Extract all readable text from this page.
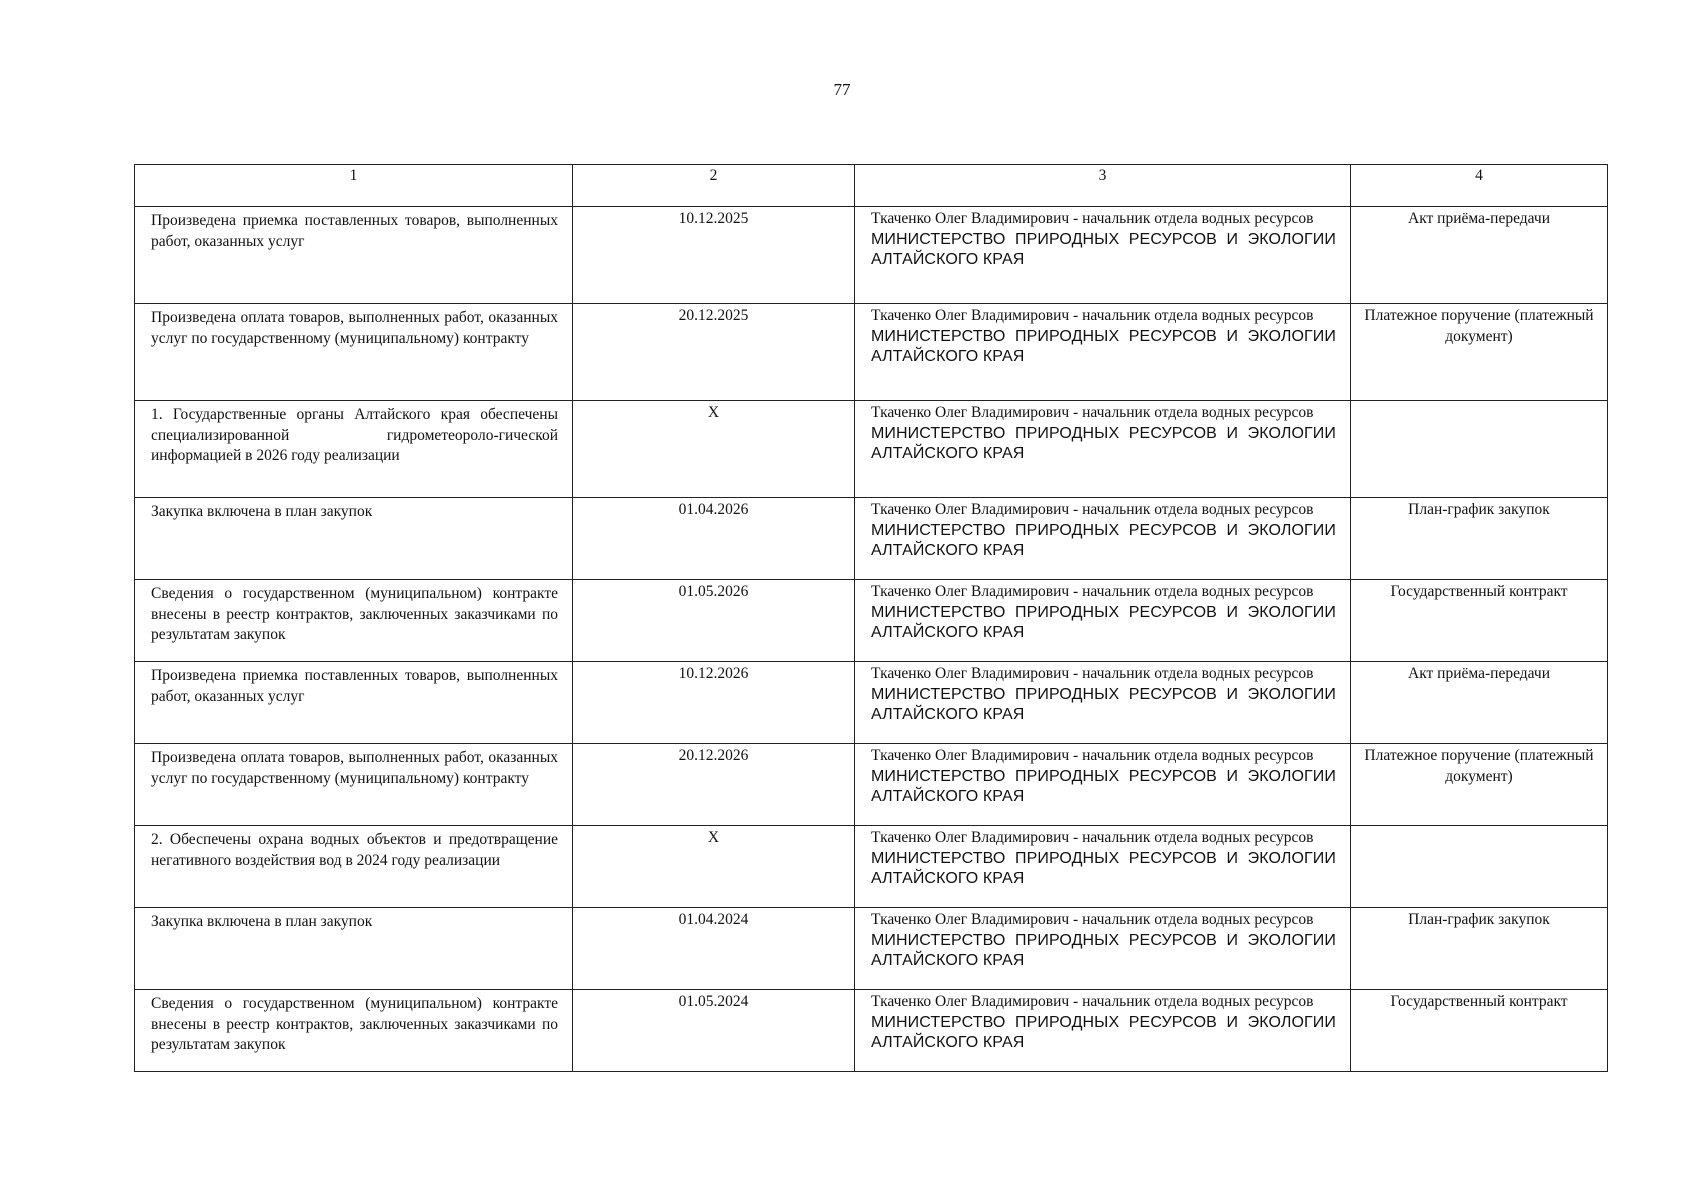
77
1	2	3	4
Произведена приемка поставленных товаров, выполненных работ, оказанных услуг	10.12.2025	Ткаченко Олег Владимирович - начальник отдела водных ресурсов
МИНИСТЕРСТВО ПРИРОДНЫХ РЕСУРСОВ И ЭКОЛОГИИ АЛТАЙСКОГО КРАЯ	Акт приёма-передачи
Произведена оплата товаров, выполненных работ, оказанных услуг по государственному (муниципальному) контракту	20.12.2025	Ткаченко Олег Владимирович - начальник отдела водных ресурсов
МИНИСТЕРСТВО ПРИРОДНЫХ РЕСУРСОВ И ЭКОЛОГИИ АЛТАЙСКОГО КРАЯ	Платежное поручение (платежный документ)
1. Государственные органы Алтайского края обеспечены специализированной гидрометеороло-гической информацией в 2026 году реализации	X	Ткаченко Олег Владимирович - начальник отдела водных ресурсов
МИНИСТЕРСТВО ПРИРОДНЫХ РЕСУРСОВ И ЭКОЛОГИИ АЛТАЙСКОГО КРАЯ	

Закупка включена в план закупок	01.04.2026	Ткаченко Олег Владимирович - начальник отдела водных ресурсов
МИНИСТЕРСТВО ПРИРОДНЫХ РЕСУРСОВ И ЭКОЛОГИИ АЛТАЙСКОГО КРАЯ	План-график закупок
Сведения о государственном (муниципальном) контракте внесены в реестр контрактов, заключенных заказчиками по результатам закупок	01.05.2026	Ткаченко Олег Владимирович - начальник отдела водных ресурсов
МИНИСТЕРСТВО ПРИРОДНЫХ РЕСУРСОВ И ЭКОЛОГИИ АЛТАЙСКОГО КРАЯ	Государственный контракт
Произведена приемка поставленных товаров, выполненных работ, оказанных услуг	10.12.2026	Ткаченко Олег Владимирович - начальник отдела водных ресурсов
МИНИСТЕРСТВО ПРИРОДНЫХ РЕСУРСОВ И ЭКОЛОГИИ АЛТАЙСКОГО КРАЯ	Акт приёма-передачи
Произведена оплата товаров, выполненных работ, оказанных услуг по государственному (муниципальному) контракту	20.12.2026	Ткаченко Олег Владимирович - начальник отдела водных ресурсов
МИНИСТЕРСТВО ПРИРОДНЫХ РЕСУРСОВ И ЭКОЛОГИИ АЛТАЙСКОГО КРАЯ	Платежное поручение (платежный документ)
2. Обеспечены охрана водных объектов и предотвращение негативного воздействия вод в 2024 году реализации	X	Ткаченко Олег Владимирович - начальник отдела водных ресурсов
МИНИСТЕРСТВО ПРИРОДНЫХ РЕСУРСОВ И ЭКОЛОГИИ АЛТАЙСКОГО КРАЯ	

Закупка включена в план закупок	01.04.2024	Ткаченко Олег Владимирович - начальник отдела водных ресурсов
МИНИСТЕРСТВО ПРИРОДНЫХ РЕСУРСОВ И ЭКОЛОГИИ АЛТАЙСКОГО КРАЯ	План-график закупок
Сведения о государственном (муниципальном) контракте внесены в реестр контрактов, заключенных заказчиками по результатам закупок	01.05.2024	Ткаченко Олег Владимирович - начальник отдела водных ресурсов
МИНИСТЕРСТВО ПРИРОДНЫХ РЕСУРСОВ И ЭКОЛОГИИ АЛТАЙСКОГО КРАЯ	Государственный контракт
